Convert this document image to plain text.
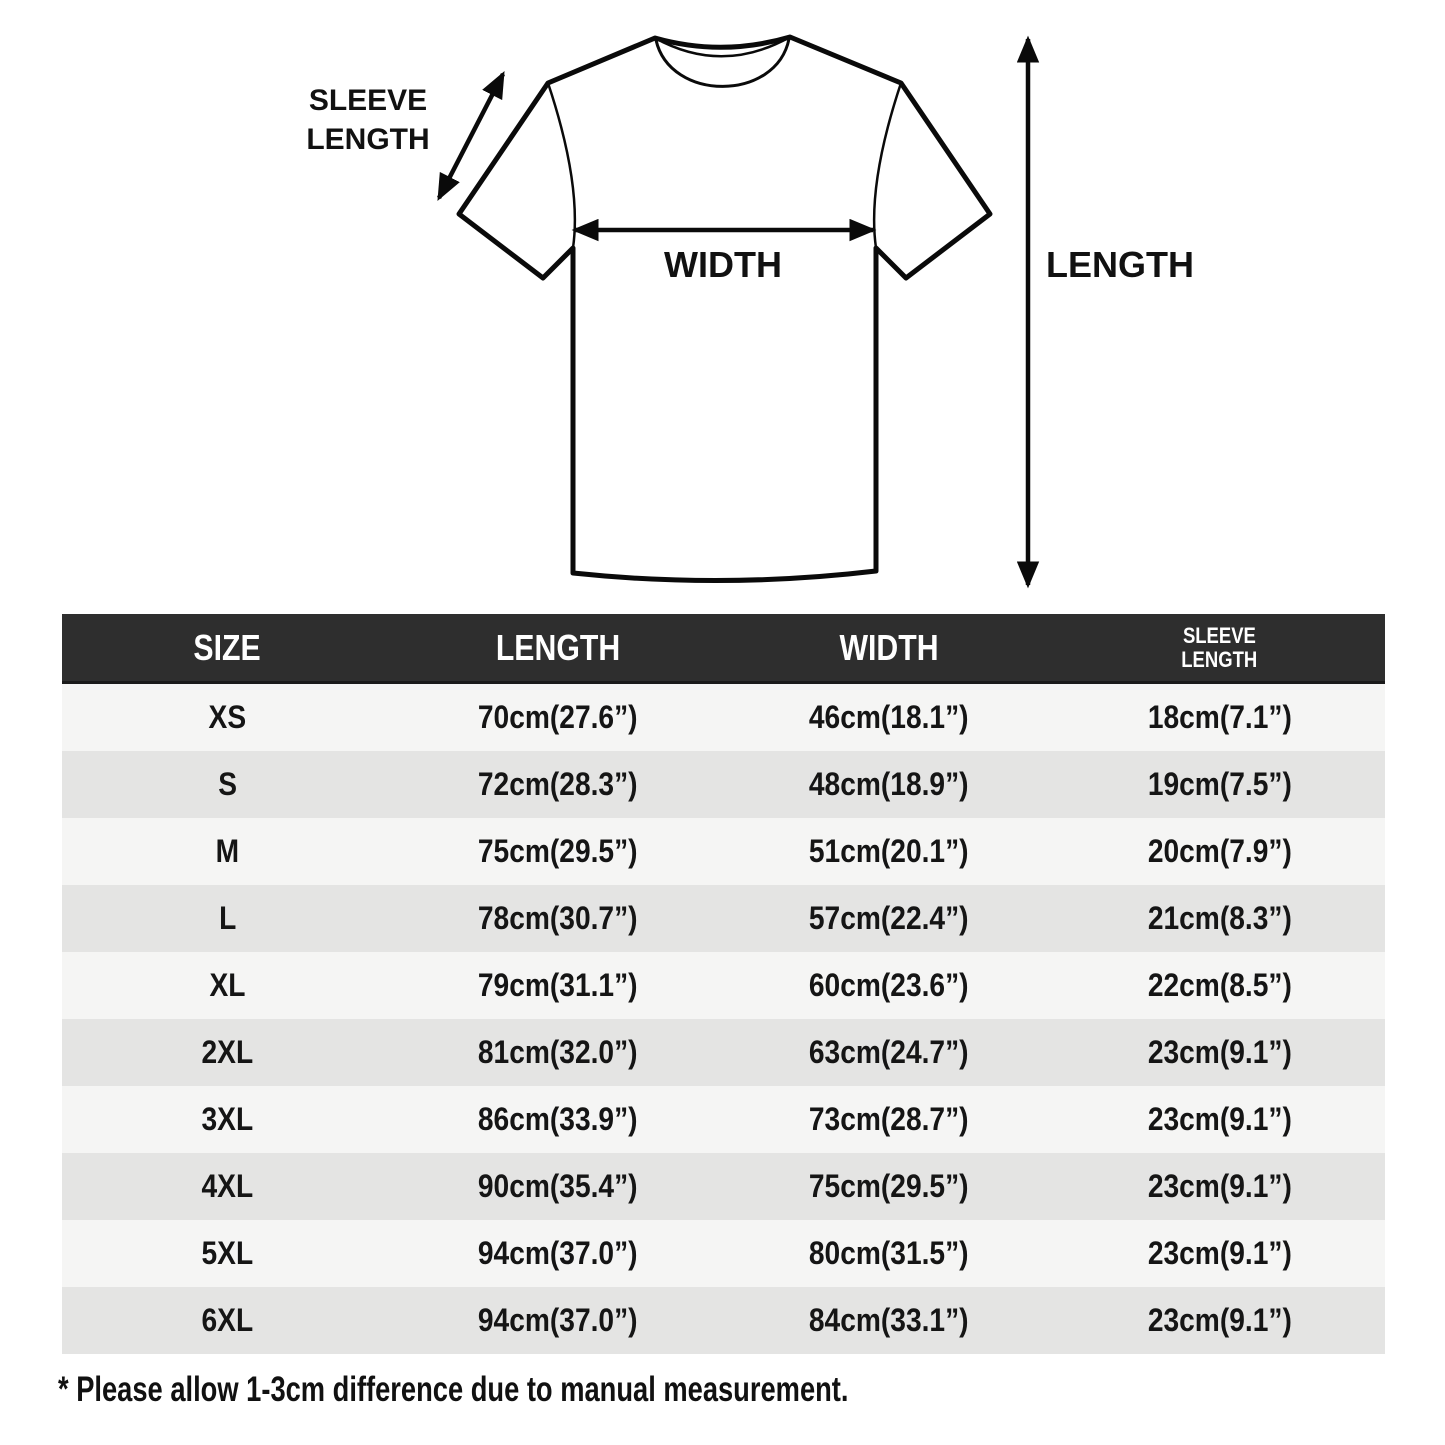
SLEEVE
LENGTH
WIDTH	LENGTH
SIZE	LENGTH	WIDTH	SLEEVE
LENGTH
XS	70cm(27.6”)	46cm(18.1”)	18cm(7.1”)
S	72cm(28.3”)	48cm(18.9”)	19cm(7.5”)
M	75cm(29.5”)	51cm(20.1”)	20cm(7.9”)
L	78cm(30.7”)	57cm(22.4”)	21cm(8.3”)
XL	79cm(31.1”)	60cm(23.6”)	22cm(8.5”)
2XL	81cm(32.0”)	63cm(24.7”)	23cm(9.1”)
3XL	86cm(33.9”)	73cm(28.7”)	23cm(9.1”)
4XL	90cm(35.4”)	75cm(29.5”)	23cm(9.1”)
5XL	94cm(37.0”)	80cm(31.5”)	23cm(9.1”)
6XL	94cm(37.0”)	84cm(33.1”)	23cm(9.1”)
* Please allow 1-3cm difference due to manual measurement.
